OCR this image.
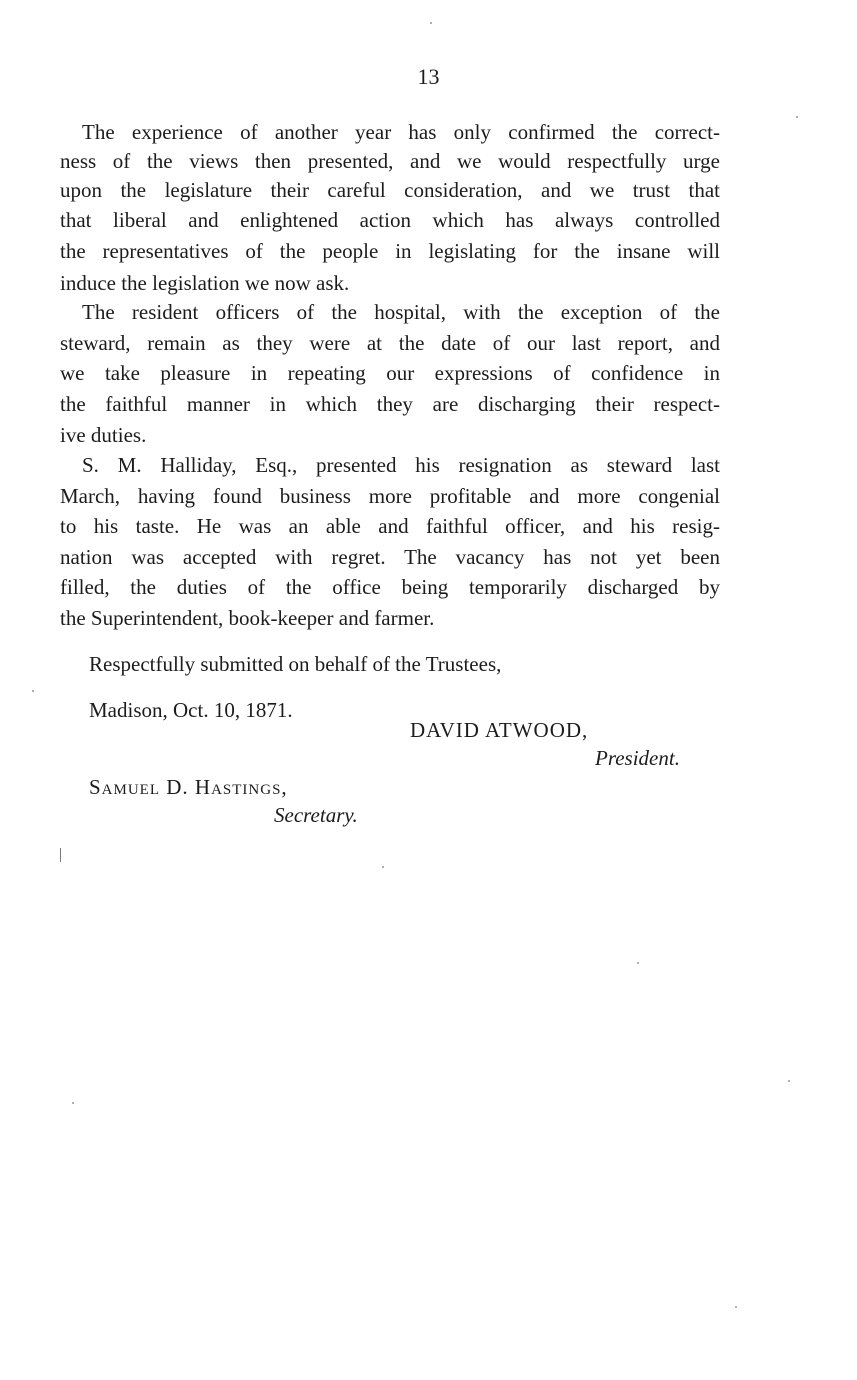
13
The experience of another year has only confirmed the correct-
ness of the views then presented, and we would respectfully urge
upon the legislature their careful consideration, and we trust that
that liberal and enlightened action which has always controlled
the representatives of the people in legislating for the insane will
induce the legislation we now ask.
The resident officers of the hospital, with the exception of the
steward, remain as they were at the date of our last report, and
we take pleasure in repeating our expressions of confidence in
the faithful manner in which they are discharging their respect-
ive duties.
S. M. Halliday, Esq., presented his resignation as steward last
March, having found business more profitable and more congenial
to his taste. He was an able and faithful officer, and his resig-
nation was accepted with regret. The vacancy has not yet been
filled, the duties of the office being temporarily discharged by
the Superintendent, book-keeper and farmer.
Respectfully submitted on behalf of the Trustees,
Madison, Oct. 10, 1871.
DAVID ATWOOD,
President.
Samuel D. Hastings,
Secretary.
